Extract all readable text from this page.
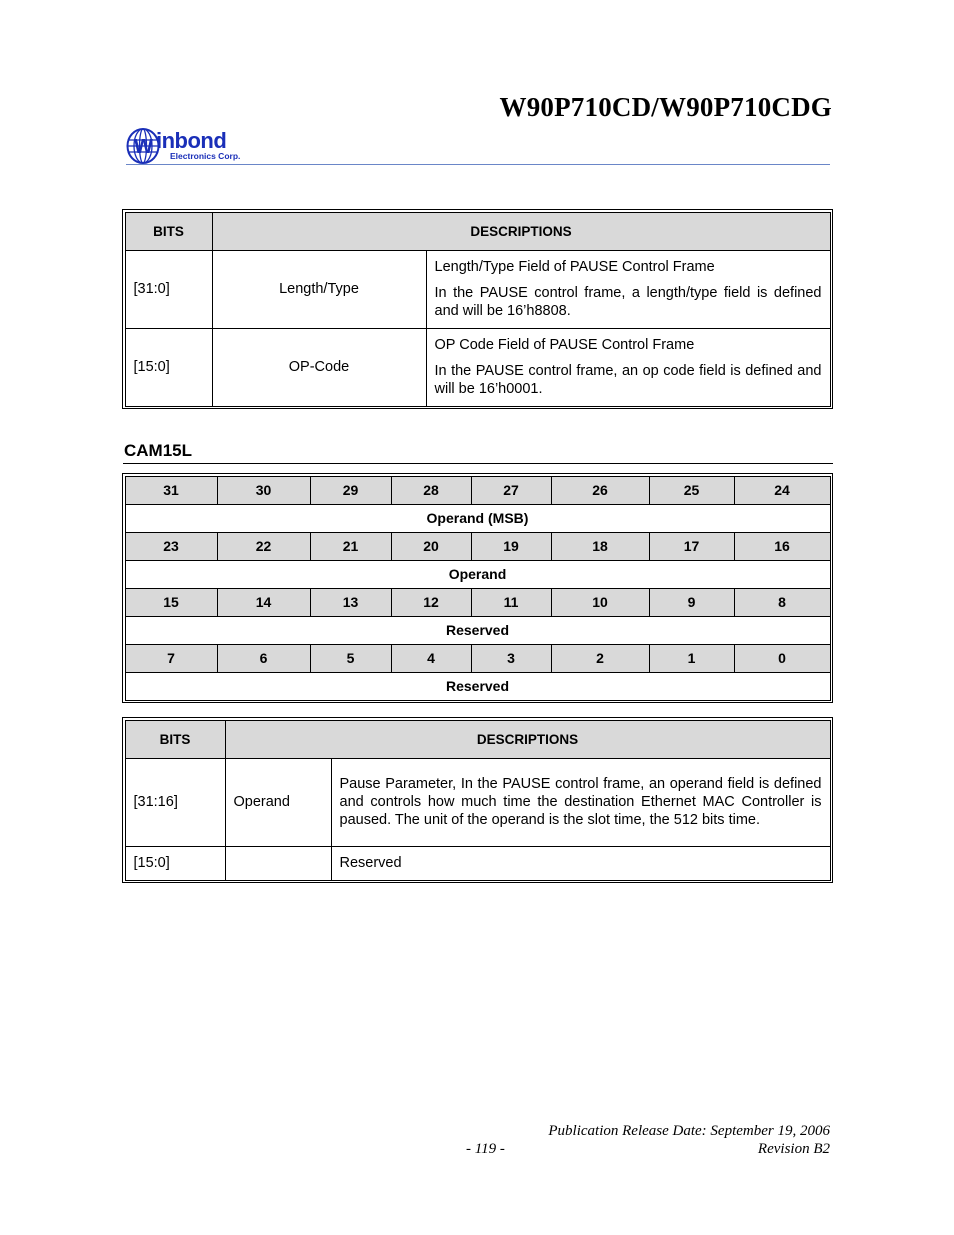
W90P710CD/W90P710CDG
W inbond
Electronics Corp.
BITS	DESCRIPTIONS	
[31:0]	Length/Type	Length/Type Field of PAUSE Control Frame

In the PAUSE control frame, a length/type field is defined and will be 16’h8808.

[15:0]	OP-Code	OP Code Field of PAUSE Control Frame

In the PAUSE control frame, an op code field is defined and will be 16’h0001.

CAM15L
31	30	29	28	27	26	25	24
Operand (MSB)							
23	22	21	20	19	18	17	16
Operand							
15	14	13	12	11	10	9	8
Reserved							
7	6	5	4	3	2	1	0
Reserved							
BITS	DESCRIPTIONS	
[31:16]	Operand	Pause Parameter, In the PAUSE control frame, an operand field is defined and controls how much time the destination Ethernet MAC Controller is paused. The unit of the operand is the slot time, the 512 bits time.
[15:0]		Reserved
Publication Release Date: September 19, 2006
- 119 -	Revision B2
